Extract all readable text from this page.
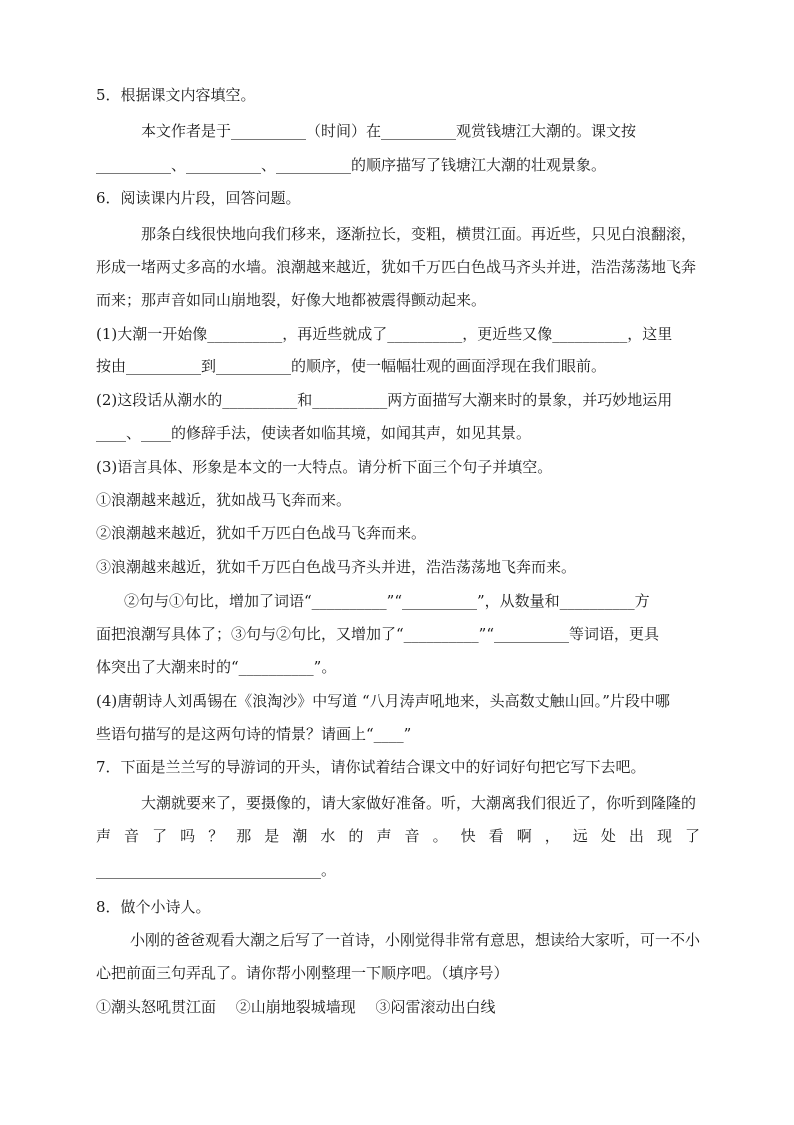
5．根据课文内容填空。

本文作者是于__________（时间）在__________观赏钱塘江大潮的。课文按

__________、__________、__________的顺序描写了钱塘江大潮的壮观景象。

6．阅读课内片段，回答问题。

那条白线很快地向我们移来，逐渐拉长，变粗，横贯江面。再近些，只见白浪翻滚，

形成一堵两丈多高的水墙。浪潮越来越近，犹如千万匹白色战马齐头并进，浩浩荡荡地飞奔

而来；那声音如同山崩地裂，好像大地都被震得颤动起来。

(1)大潮一开始像__________，再近些就成了__________，更近些又像__________，这里

按由__________到__________的顺序，使一幅幅壮观的画面浮现在我们眼前。

(2)这段话从潮水的__________和__________两方面描写大潮来时的景象，并巧妙地运用

____、____的修辞手法，使读者如临其境，如闻其声，如见其景。

(3)语言具体、形象是本文的一大特点。请分析下面三个句子并填空。

①浪潮越来越近，犹如战马飞奔而来。

②浪潮越来越近，犹如千万匹白色战马飞奔而来。

③浪潮越来越近，犹如千万匹白色战马齐头并进，浩浩荡荡地飞奔而来。

②句与①句比，增加了词语“__________”“__________”，从数量和__________方

面把浪潮写具体了；③句与②句比，又增加了“__________”“__________等词语，更具

体突出了大潮来时的“__________”。

(4)唐朝诗人刘禹锡在《浪淘沙》中写道 “八月涛声吼地来，头高数丈触山回。”片段中哪

些语句描写的是这两句诗的情景？请画上“____”

7．下面是兰兰写的导游词的开头，请你试着结合课文中的好词好句把它写下去吧。

大潮就要来了，要摄像的，请大家做好准备。听，大潮离我们很近了，你听到隆隆的

声音了吗？那是潮水的声音。快看啊，远处出现了

______________________________。

8．做个小诗人。

小刚的爸爸观看大潮之后写了一首诗，小刚觉得非常有意思，想读给大家听，可一不小

心把前面三句弄乱了。请你帮小刚整理一下顺序吧。（填序号）

①潮头怒吼贯江面　 ②山崩地裂城墙现　 ③闷雷滚动出白线
